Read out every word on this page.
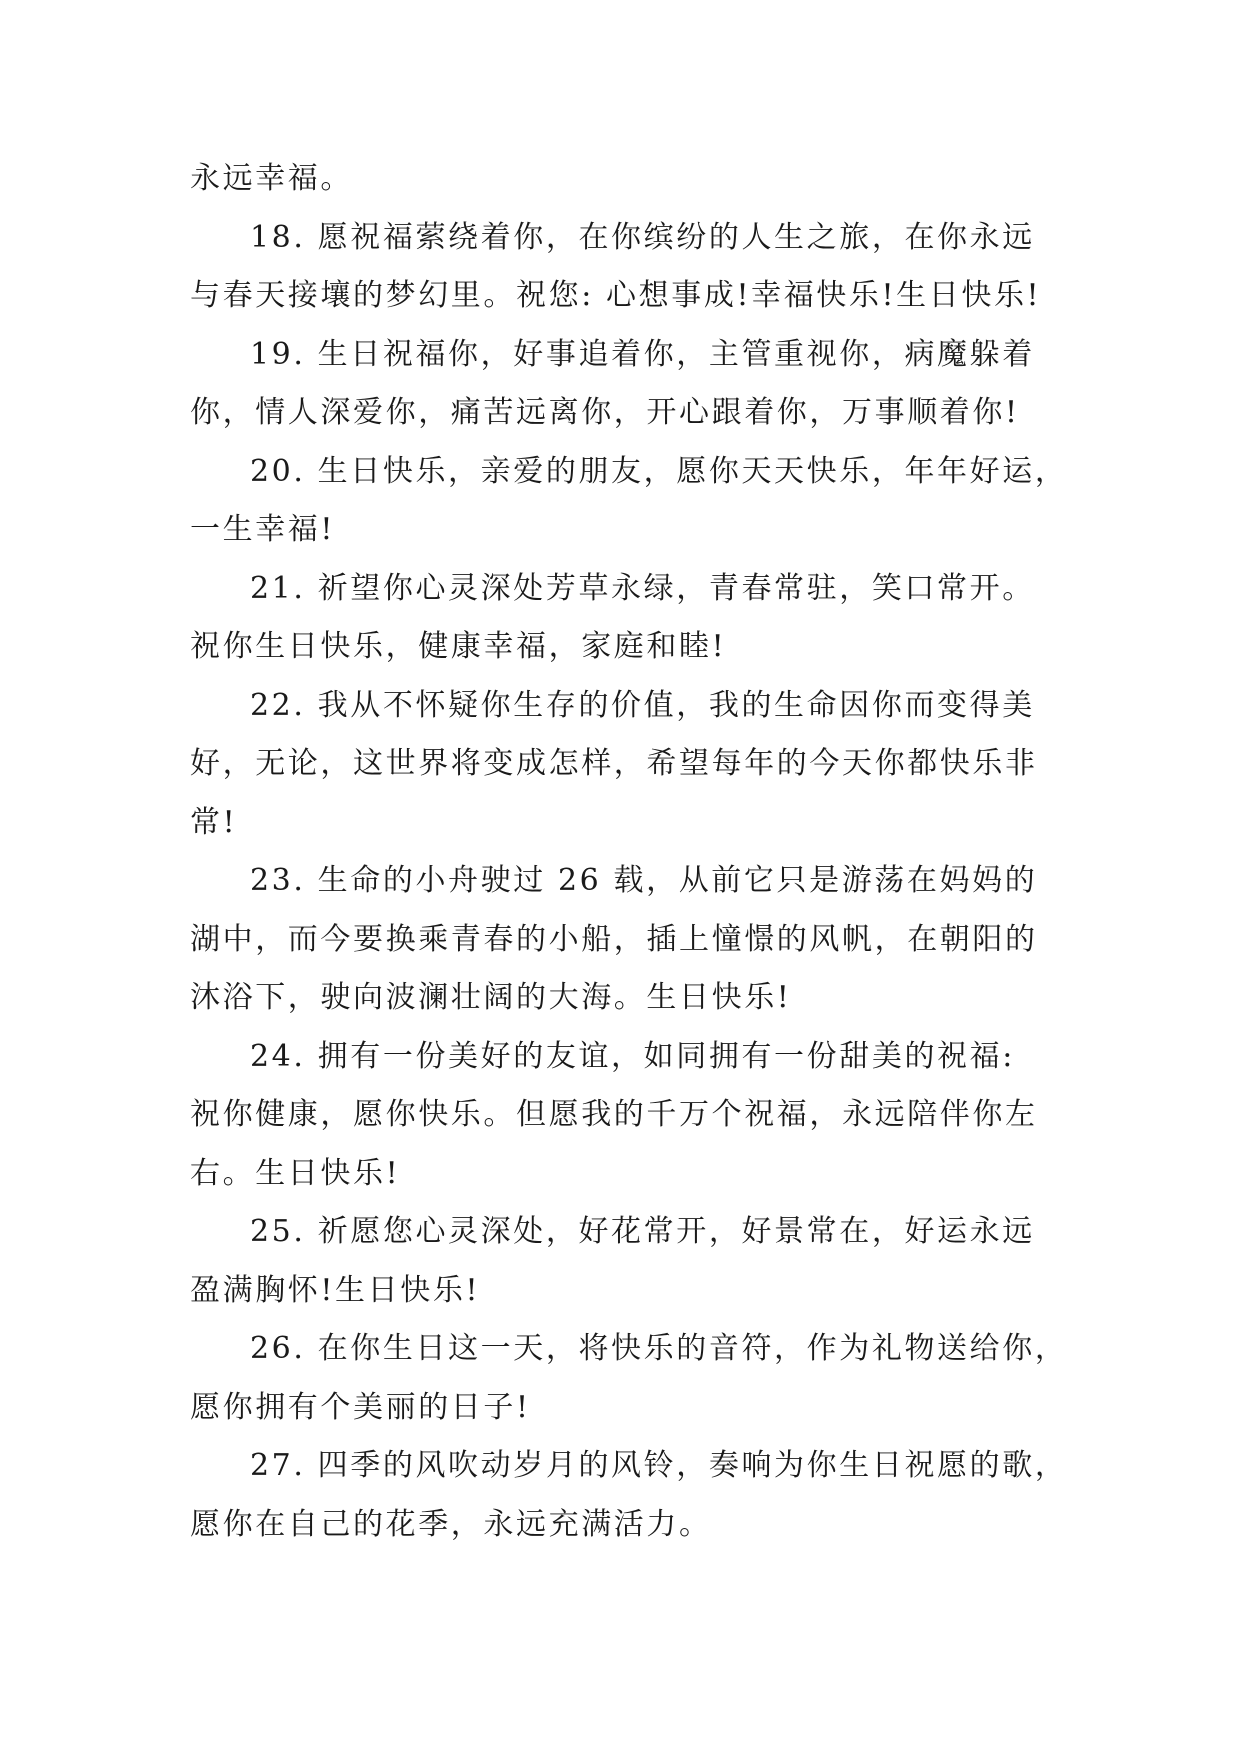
永远幸福。

18. 愿祝福萦绕着你，在你缤纷的人生之旅，在你永远
与春天接壤的梦幻里。祝您: 心想事成!幸福快乐!生日快乐!

19. 生日祝福你，好事追着你，主管重视你，病魔躲着
你，情人深爱你，痛苦远离你，开心跟着你，万事顺着你!

20. 生日快乐，亲爱的朋友，愿你天天快乐，年年好运，
一生幸福!

21. 祈望你心灵深处芳草永绿，青春常驻，笑口常开。
祝你生日快乐，健康幸福，家庭和睦!

22. 我从不怀疑你生存的价值，我的生命因你而变得美
好，无论，这世界将变成怎样，希望每年的今天你都快乐非
常!

23. 生命的小舟驶过 26 载，从前它只是游荡在妈妈的
湖中，而今要换乘青春的小船，插上憧憬的风帆，在朝阳的
沐浴下，驶向波澜壮阔的大海。生日快乐!

24. 拥有一份美好的友谊，如同拥有一份甜美的祝福:
祝你健康，愿你快乐。但愿我的千万个祝福，永远陪伴你左
右。生日快乐!

25. 祈愿您心灵深处，好花常开，好景常在，好运永远
盈满胸怀!生日快乐!

26. 在你生日这一天，将快乐的音符，作为礼物送给你，
愿你拥有个美丽的日子!

27. 四季的风吹动岁月的风铃，奏响为你生日祝愿的歌，
愿你在自己的花季，永远充满活力。
